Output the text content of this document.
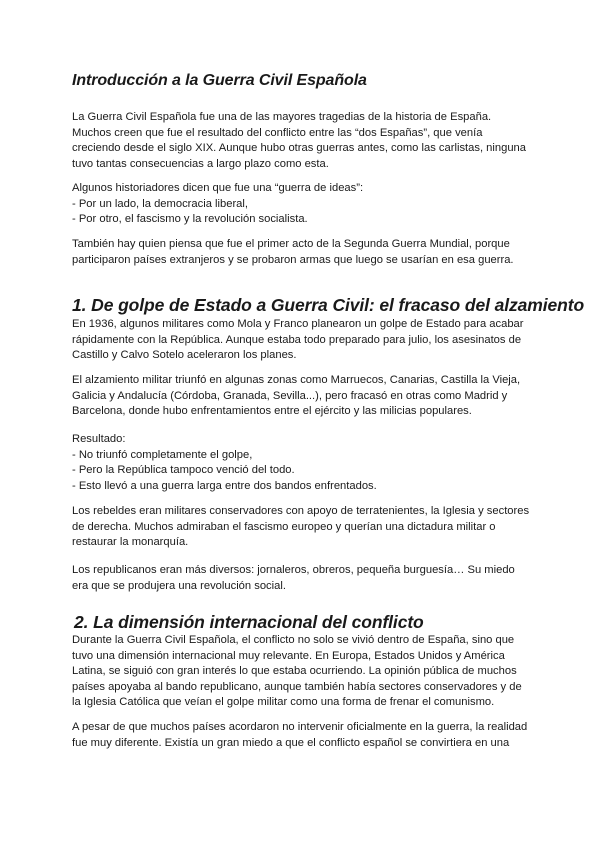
Introducción a la Guerra Civil Española
La Guerra Civil Española fue una de las mayores tragedias de la historia de España.
Muchos creen que fue el resultado del conflicto entre las “dos Españas”, que venía
creciendo desde el siglo XIX. Aunque hubo otras guerras antes, como las carlistas, ninguna
tuvo tantas consecuencias a largo plazo como esta.
Algunos historiadores dicen que fue una “guerra de ideas”:
- Por un lado, la democracia liberal,
- Por otro, el fascismo y la revolución socialista.
También hay quien piensa que fue el primer acto de la Segunda Guerra Mundial, porque
participaron países extranjeros y se probaron armas que luego se usarían en esa guerra.
1. De golpe de Estado a Guerra Civil: el fracaso del alzamiento
En 1936, algunos militares como Mola y Franco planearon un golpe de Estado para acabar
rápidamente con la República. Aunque estaba todo preparado para julio, los asesinatos de
Castillo y Calvo Sotelo aceleraron los planes.
El alzamiento militar triunfó en algunas zonas como Marruecos, Canarias, Castilla la Vieja,
Galicia y Andalucía (Córdoba, Granada, Sevilla...), pero fracasó en otras como Madrid y
Barcelona, donde hubo enfrentamientos entre el ejército y las milicias populares.
Resultado:
- No triunfó completamente el golpe,
- Pero la República tampoco venció del todo.
- Esto llevó a una guerra larga entre dos bandos enfrentados.
Los rebeldes eran militares conservadores con apoyo de terratenientes, la Iglesia y sectores
de derecha. Muchos admiraban el fascismo europeo y querían una dictadura militar o
restaurar la monarquía.
Los republicanos eran más diversos: jornaleros, obreros, pequeña burguesía… Su miedo
era que se produjera una revolución social.
2. La dimensión internacional del conflicto
Durante la Guerra Civil Española, el conflicto no solo se vivió dentro de España, sino que
tuvo una dimensión internacional muy relevante. En Europa, Estados Unidos y América
Latina, se siguió con gran interés lo que estaba ocurriendo. La opinión pública de muchos
países apoyaba al bando republicano, aunque también había sectores conservadores y de
la Iglesia Católica que veían el golpe militar como una forma de frenar el comunismo.
A pesar de que muchos países acordaron no intervenir oficialmente en la guerra, la realidad
fue muy diferente. Existía un gran miedo a que el conflicto español se convirtiera en una
